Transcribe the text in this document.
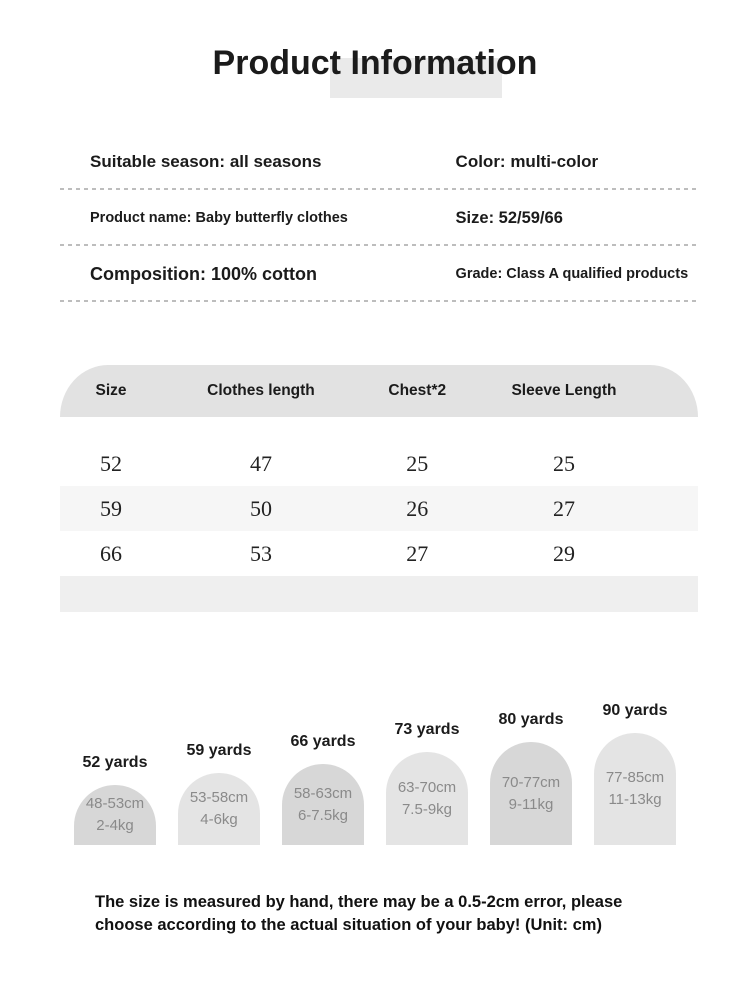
Product Information
Suitable season: all seasons	Color: multi-color
Product name: Baby butterfly clothes	Size: 52/59/66
Composition: 100% cotton	Grade: Class A qualified products
Size	Clothes length	Chest*2	Sleeve Length
52	47	25	25
59	50	26	27
66	53	27	29
52 yards
48-53cm
2-4kg
59 yards
53-58cm
4-6kg
66 yards
58-63cm
6-7.5kg
73 yards
63-70cm
7.5-9kg
80 yards
70-77cm
9-11kg
90 yards
77-85cm
11-13kg
The size is measured by hand, there may be a 0.5-2cm error, please choose according to the actual situation of your baby! (Unit: cm)
